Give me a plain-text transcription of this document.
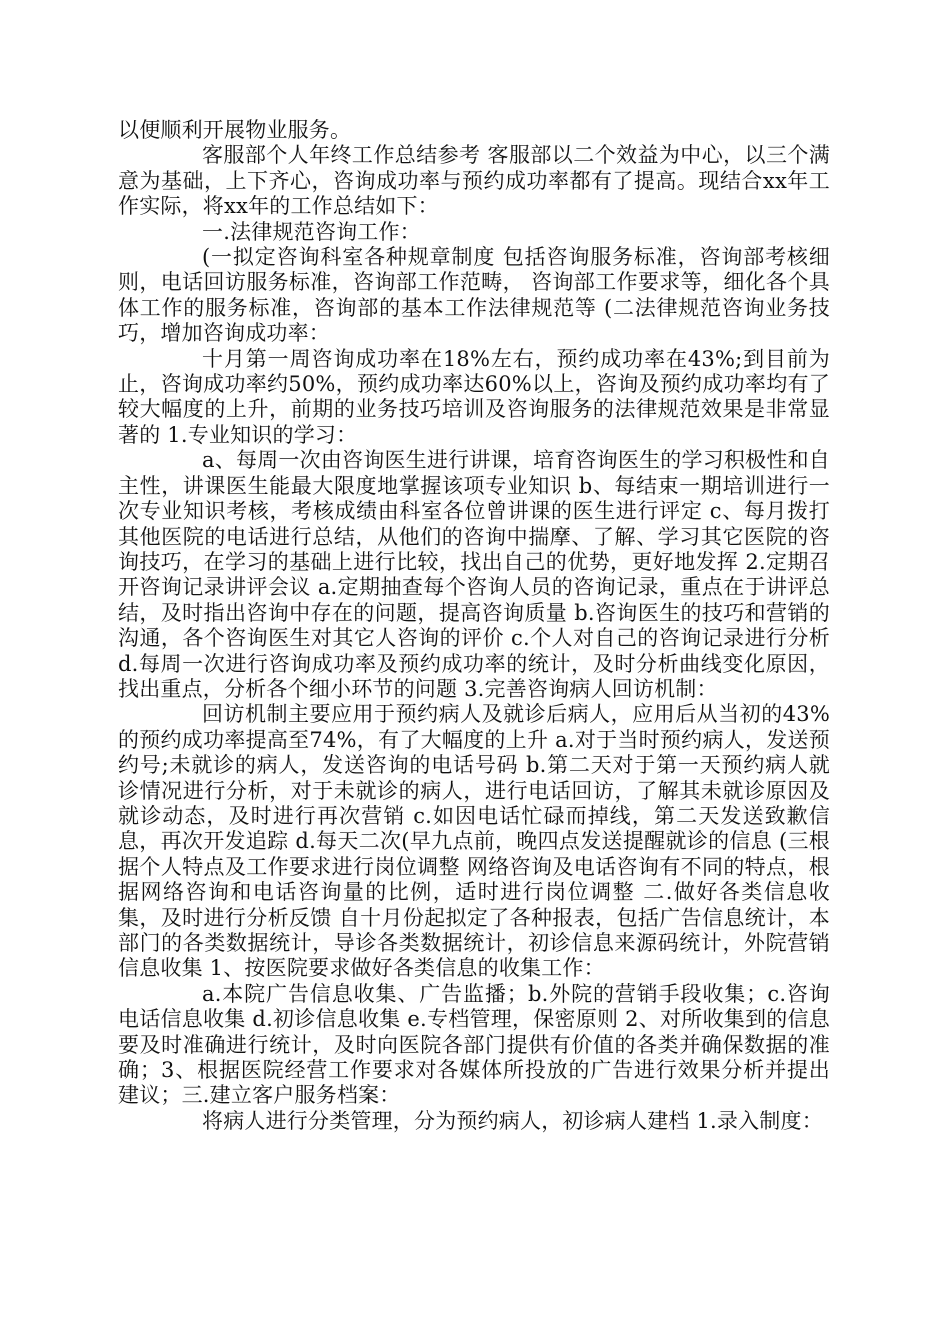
以便顺利开展物业服务。

客服部个人年终工作总结参考 客服部以二个效益为中心，以三个满意为基础，上下齐心，咨询成功率与预约成功率都有了提高。现结合xx年工作实际，将xx年的工作总结如下：

一.法律规范咨询工作：

(一拟定咨询科室各种规章制度 包括咨询服务标准，咨询部考核细则，电话回访服务标准，咨询部工作范畴， 咨询部工作要求等，细化各个具体工作的服务标准，咨询部的基本工作法律规范等 (二法律规范咨询业务技巧，增加咨询成功率：

十月第一周咨询成功率在18%左右，预约成功率在43%;到目前为止，咨询成功率约50%，预约成功率达60%以上，咨询及预约成功率均有了较大幅度的上升，前期的业务技巧培训及咨询服务的法律规范效果是非常显著的 1.专业知识的学习：

a、每周一次由咨询医生进行讲课，培育咨询医生的学习积极性和自主性，讲课医生能最大限度地掌握该项专业知识 b、每结束一期培训进行一次专业知识考核，考核成绩由科室各位曾讲课的医生进行评定 c、每月拨打其他医院的电话进行总结，从他们的咨询中揣摩、了解、学习其它医院的咨询技巧，在学习的基础上进行比较，找出自己的优势，更好地发挥 2.定期召开咨询记录讲评会议 a.定期抽查每个咨询人员的咨询记录，重点在于讲评总结，及时指出咨询中存在的问题，提高咨询质量 b.咨询医生的技巧和营销的沟通，各个咨询医生对其它人咨询的评价 c.个人对自己的咨询记录进行分析 d.每周一次进行咨询成功率及预约成功率的统计，及时分析曲线变化原因，找出重点，分析各个细小环节的问题 3.完善咨询病人回访机制：

回访机制主要应用于预约病人及就诊后病人，应用后从当初的43%的预约成功率提高至74%，有了大幅度的上升 a.对于当时预约病人，发送预约号;未就诊的病人，发送咨询的电话号码 b.第二天对于第一天预约病人就诊情况进行分析，对于未就诊的病人，进行电话回访，了解其未就诊原因及就诊动态，及时进行再次营销 c.如因电话忙碌而掉线，第二天发送致歉信息，再次开发追踪 d.每天二次(早九点前，晚四点发送提醒就诊的信息 (三根据个人特点及工作要求进行岗位调整 网络咨询及电话咨询有不同的特点，根据网络咨询和电话咨询量的比例，适时进行岗位调整 二.做好各类信息收集，及时进行分析反馈 自十月份起拟定了各种报表，包括广告信息统计，本部门的各类数据统计，导诊各类数据统计，初诊信息来源码统计，外院营销信息收集 1、按医院要求做好各类信息的收集工作：

a.本院广告信息收集、广告监播；b.外院的营销手段收集；c.咨询电话信息收集 d.初诊信息收集 e.专档管理，保密原则 2、对所收集到的信息要及时准确进行统计，及时向医院各部门提供有价值的各类并确保数据的准确；3、根据医院经营工作要求对各媒体所投放的广告进行效果分析并提出建议；三.建立客户服务档案：

将病人进行分类管理，分为预约病人，初诊病人建档 1.录入制度：
